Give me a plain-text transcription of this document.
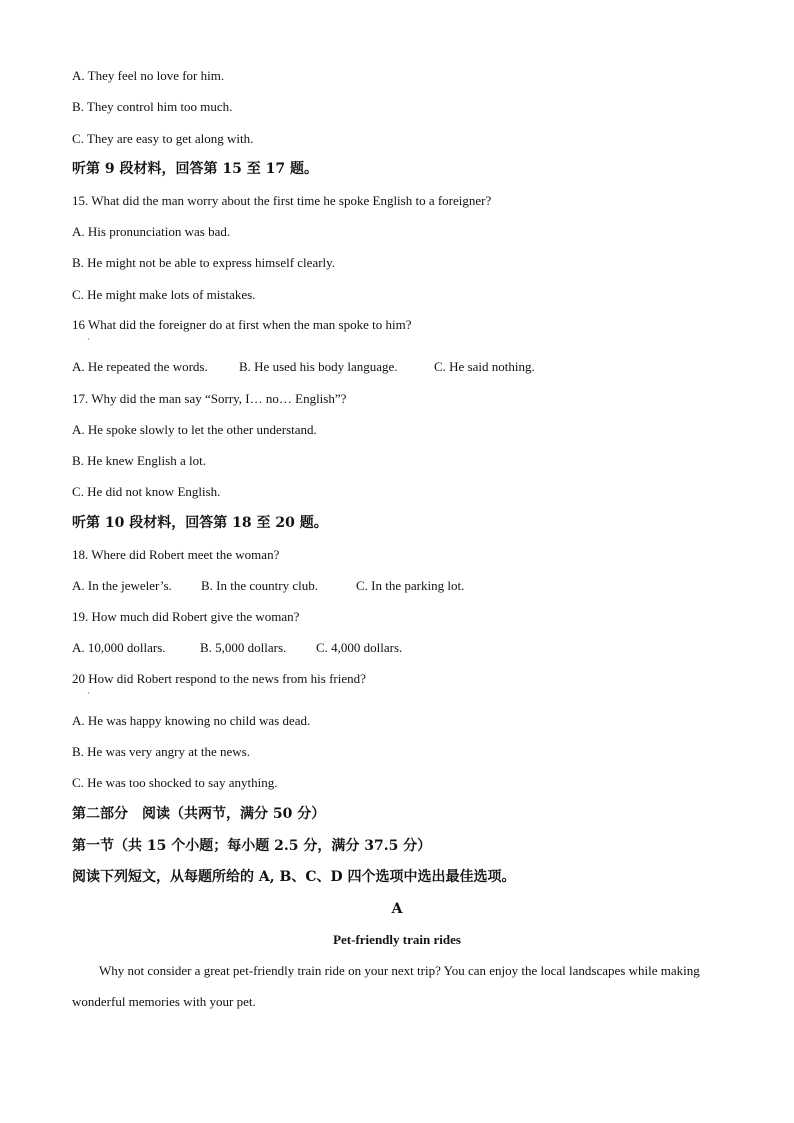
A. They feel no love for him.
B. They control him too much.
C. They are easy to get along with.
听第 9 段材料，回答第 15 至 17 题。
15. What did the man worry about the first time he spoke English to a foreigner?
A. His pronunciation was bad.
B. He might not be able to express himself clearly.
C. He might make lots of mistakes.
16 What did the foreigner do at first when the man spoke to him?
·
A. He repeated the words. B. He used his body language.	C. He said nothing.
17. Why did the man say “Sorry, I… no… English”?
A. He spoke slowly to let the other understand.
B. He knew English a lot.
C. He did not know English.
听第 10 段材料，回答第 18 至 20 题。
18. Where did Robert meet the woman?
A. In the jeweler’s. B. In the country club.	C. In the parking lot.
19. How much did Robert give the woman?
A. 10,000 dollars.	B. 5,000 dollars. C. 4,000 dollars.
20 How did Robert respond to the news from his friend?
·
A. He was happy knowing no child was dead.
B. He was very angry at the news.
C. He was too shocked to say anything.
第二部分　阅读（共两节，满分 50 分）
第一节（共 15 个小题；每小题 2.5 分，满分 37.5 分）
阅读下列短文，从每题所给的 A, B、C、D 四个选项中选出最佳选项。
A
Pet-friendly train rides
Why not consider a great pet-friendly train ride on your next trip? You can enjoy the local landscapes while making wonderful memories with your pet.
